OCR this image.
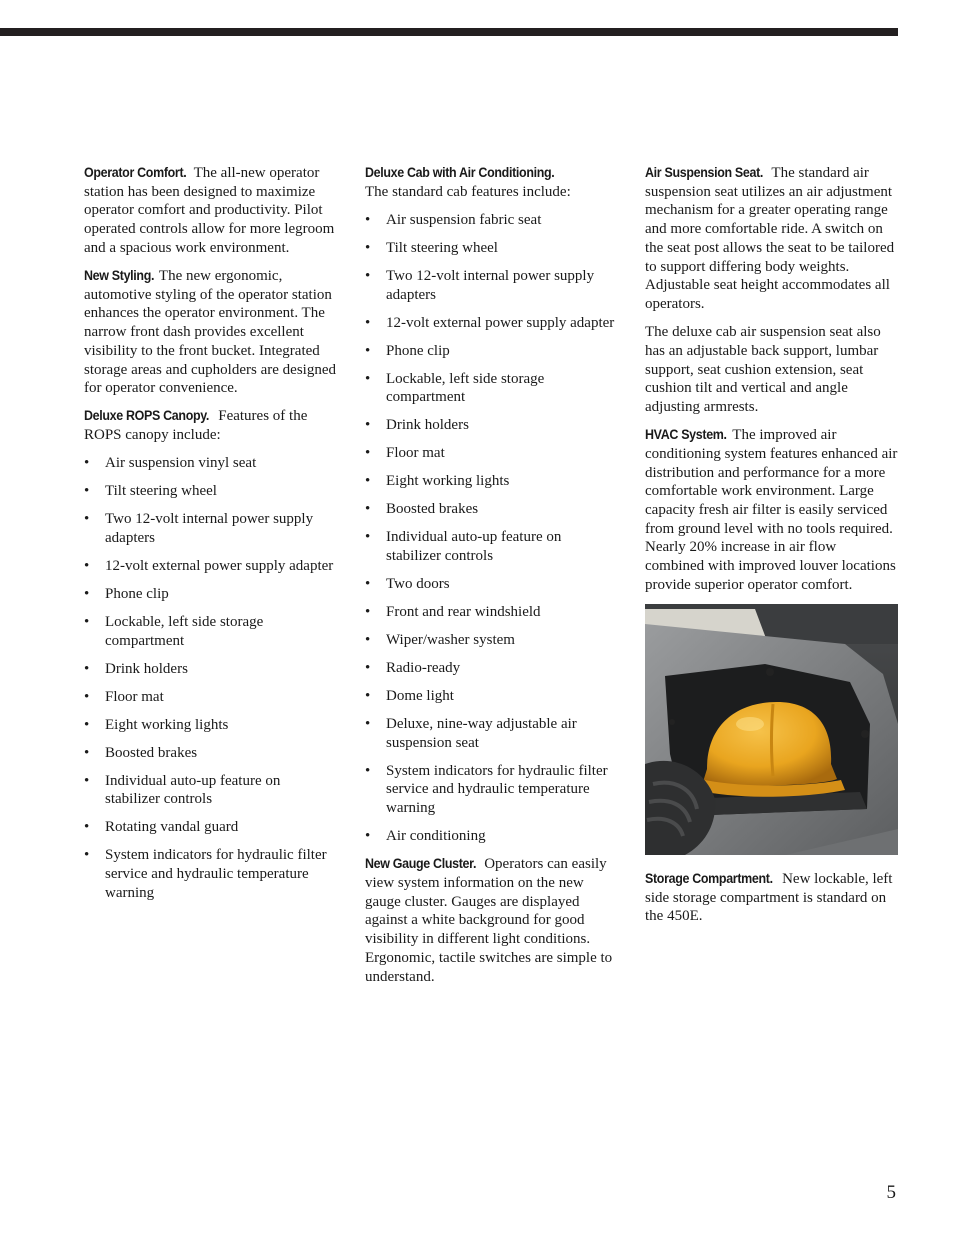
Operator Comfort. The all-new operator station has been designed to maximize operator comfort and productivity. Pilot operated controls allow for more legroom and a spacious work environment.

New Styling. The new ergonomic, automotive styling of the operator station enhances the operator environment. The narrow front dash provides excellent visibility to the front bucket. Integrated storage areas and cupholders are designed for operator convenience.

Deluxe ROPS Canopy. Features of the ROPS canopy include:

• Air suspension vinyl seat
• Tilt steering wheel
• Two 12-volt internal power supply adapters
• 12-volt external power supply adapter
• Phone clip
• Lockable, left side storage compartment
• Drink holders
• Floor mat
• Eight working lights
• Boosted brakes
• Individual auto-up feature on stabilizer controls
• Rotating vandal guard
• System indicators for hydraulic filter service and hydraulic temperature warning

Deluxe Cab with Air Conditioning.
The standard cab features include:

• Air suspension fabric seat
• Tilt steering wheel
• Two 12-volt internal power supply adapters
• 12-volt external power supply adapter
• Phone clip
• Lockable, left side storage compartment
• Drink holders
• Floor mat
• Eight working lights
• Boosted brakes
• Individual auto-up feature on stabilizer controls
• Two doors
• Front and rear windshield
• Wiper/washer system
• Radio-ready
• Dome light
• Deluxe, nine-way adjustable air suspension seat
• System indicators for hydraulic filter service and hydraulic temperature warning
• Air conditioning

New Gauge Cluster. Operators can easily view system information on the new gauge cluster. Gauges are displayed against a white background for good visibility in different light conditions. Ergonomic, tactile switches are simple to understand.

Air Suspension Seat. The standard air suspension seat utilizes an air adjustment mechanism for a greater operating range and more comfortable ride. A switch on the seat post allows the seat to be tailored to support differing body weights. Adjustable seat height accommodates all operators.

The deluxe cab air suspension seat also has an adjustable back support, lumbar support, seat cushion extension, seat cushion tilt and vertical and angle adjusting armrests.

HVAC System. The improved air conditioning system features enhanced air distribution and performance for a more comfortable work environment. Large capacity fresh air filter is easily serviced from ground level with no tools required. Nearly 20% increase in air flow combined with improved louver locations provide superior operator comfort.

Storage Compartment. New lockable, left side storage compartment is standard on the 450E.

5
